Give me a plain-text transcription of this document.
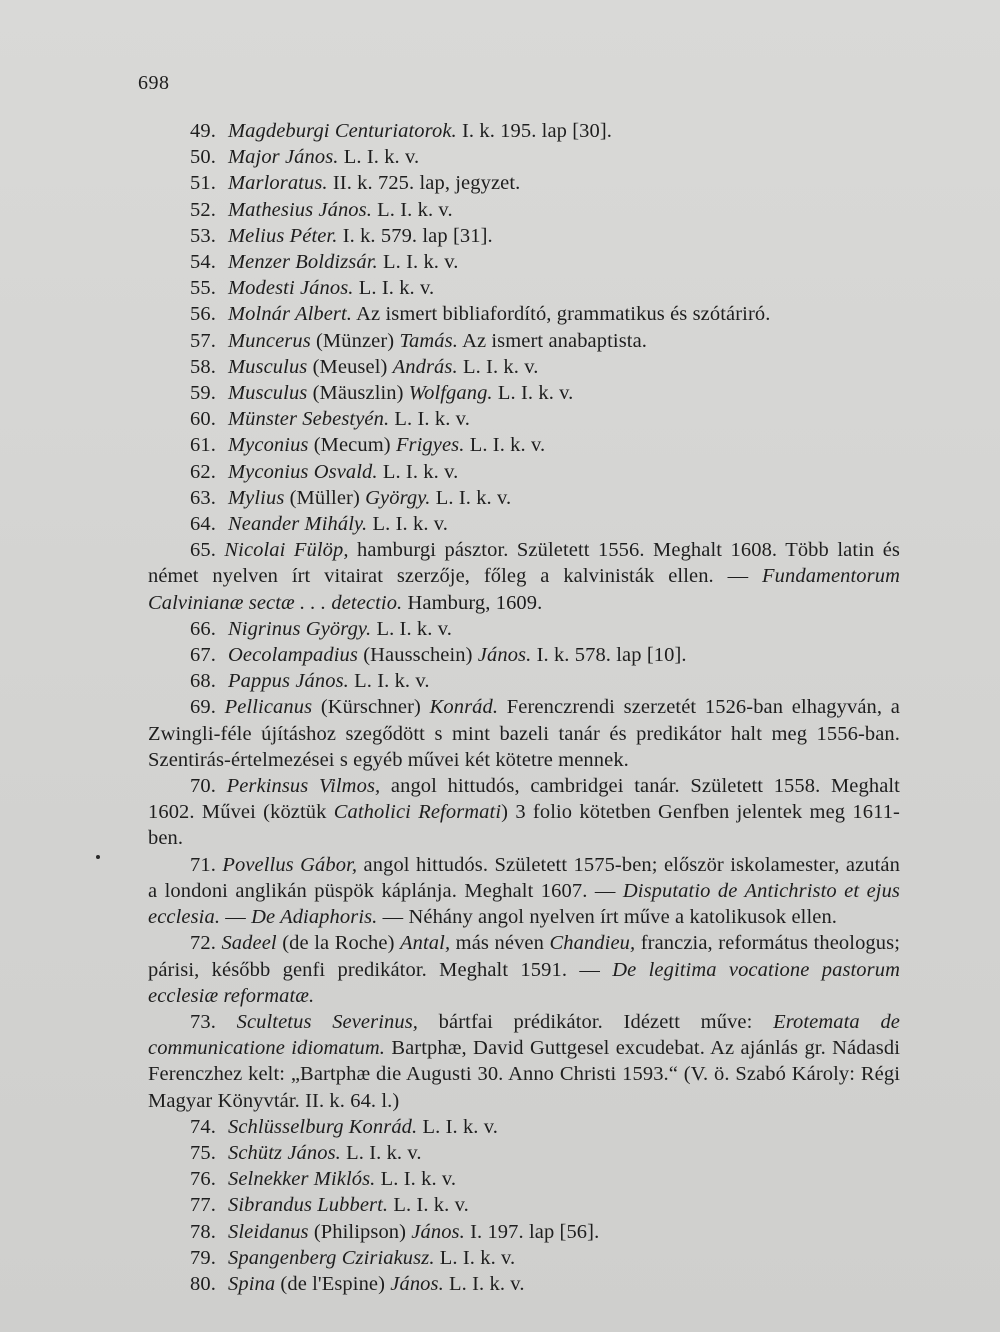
698
49. Magdeburgi Centuriatorok. I. k. 195. lap [30].
50. Major János. L. I. k. v.
51. Marloratus. II. k. 725. lap, jegyzet.
52. Mathesius János. L. I. k. v.
53. Melius Péter. I. k. 579. lap [31].
54. Menzer Boldizsár. L. I. k. v.
55. Modesti János. L. I. k. v.
56. Molnár Albert. Az ismert bibliafordító, grammatikus és szótáriró.
57. Muncerus (Münzer) Tamás. Az ismert anabaptista.
58. Musculus (Meusel) András. L. I. k. v.
59. Musculus (Mäuszlin) Wolfgang. L. I. k. v.
60. Münster Sebestyén. L. I. k. v.
61. Myconius (Mecum) Frigyes. L. I. k. v.
62. Myconius Osvald. L. I. k. v.
63. Mylius (Müller) György. L. I. k. v.
64. Neander Mihály. L. I. k. v.
65. Nicolai Fülöp, hamburgi pásztor. Született 1556. Meghalt 1608. Több latin és német nyelven írt vitairat szerzője, főleg a kalvinisták ellen. — Fundamentorum Calvinianæ sectæ . . . detectio. Hamburg, 1609.
66. Nigrinus György. L. I. k. v.
67. Oecolampadius (Hausschein) János. I. k. 578. lap [10].
68. Pappus János. L. I. k. v.
69. Pellicanus (Kürschner) Konrád. Ferenczrendi szerzetét 1526-ban elhagyván, a Zwingli-féle újításhoz szegődött s mint bazeli tanár és predikátor halt meg 1556-ban. Szentirás-értelmezései s egyéb művei két kötetre mennek.
70. Perkinsus Vilmos, angol hittudós, cambridgei tanár. Született 1558. Meghalt 1602. Művei (köztük Catholici Reformati) 3 folio kötetben Genfben jelentek meg 1611-ben.
71. Povellus Gábor, angol hittudós. Született 1575-ben; először iskolamester, azután a londoni anglikán püspök káplánja. Meghalt 1607. — Disputatio de Antichristo et ejus ecclesia. — De Adiaphoris. — Néhány angol nyelven írt műve a katolikusok ellen.
72. Sadeel (de la Roche) Antal, más néven Chandieu, franczia, református theologus; párisi, később genfi predikátor. Meghalt 1591. — De legitima vocatione pastorum ecclesiæ reformatæ.
73. Scultetus Severinus, bártfai prédikátor. Idézett műve: Erotemata de communicatione idiomatum. Bartphæ, David Guttgesel excudebat. Az ajánlás gr. Nádasdi Ferenczhez kelt: „Bartphæ die Augusti 30. Anno Christi 1593.“ (V. ö. Szabó Károly: Régi Magyar Könyvtár. II. k. 64. l.)
74. Schlüsselburg Konrád. L. I. k. v.
75. Schütz János. L. I. k. v.
76. Selnekker Miklós. L. I. k. v.
77. Sibrandus Lubbert. L. I. k. v.
78. Sleidanus (Philipson) János. I. 197. lap [56].
79. Spangenberg Cziriakusz. L. I. k. v.
80. Spina (de l'Espine) János. L. I. k. v.
